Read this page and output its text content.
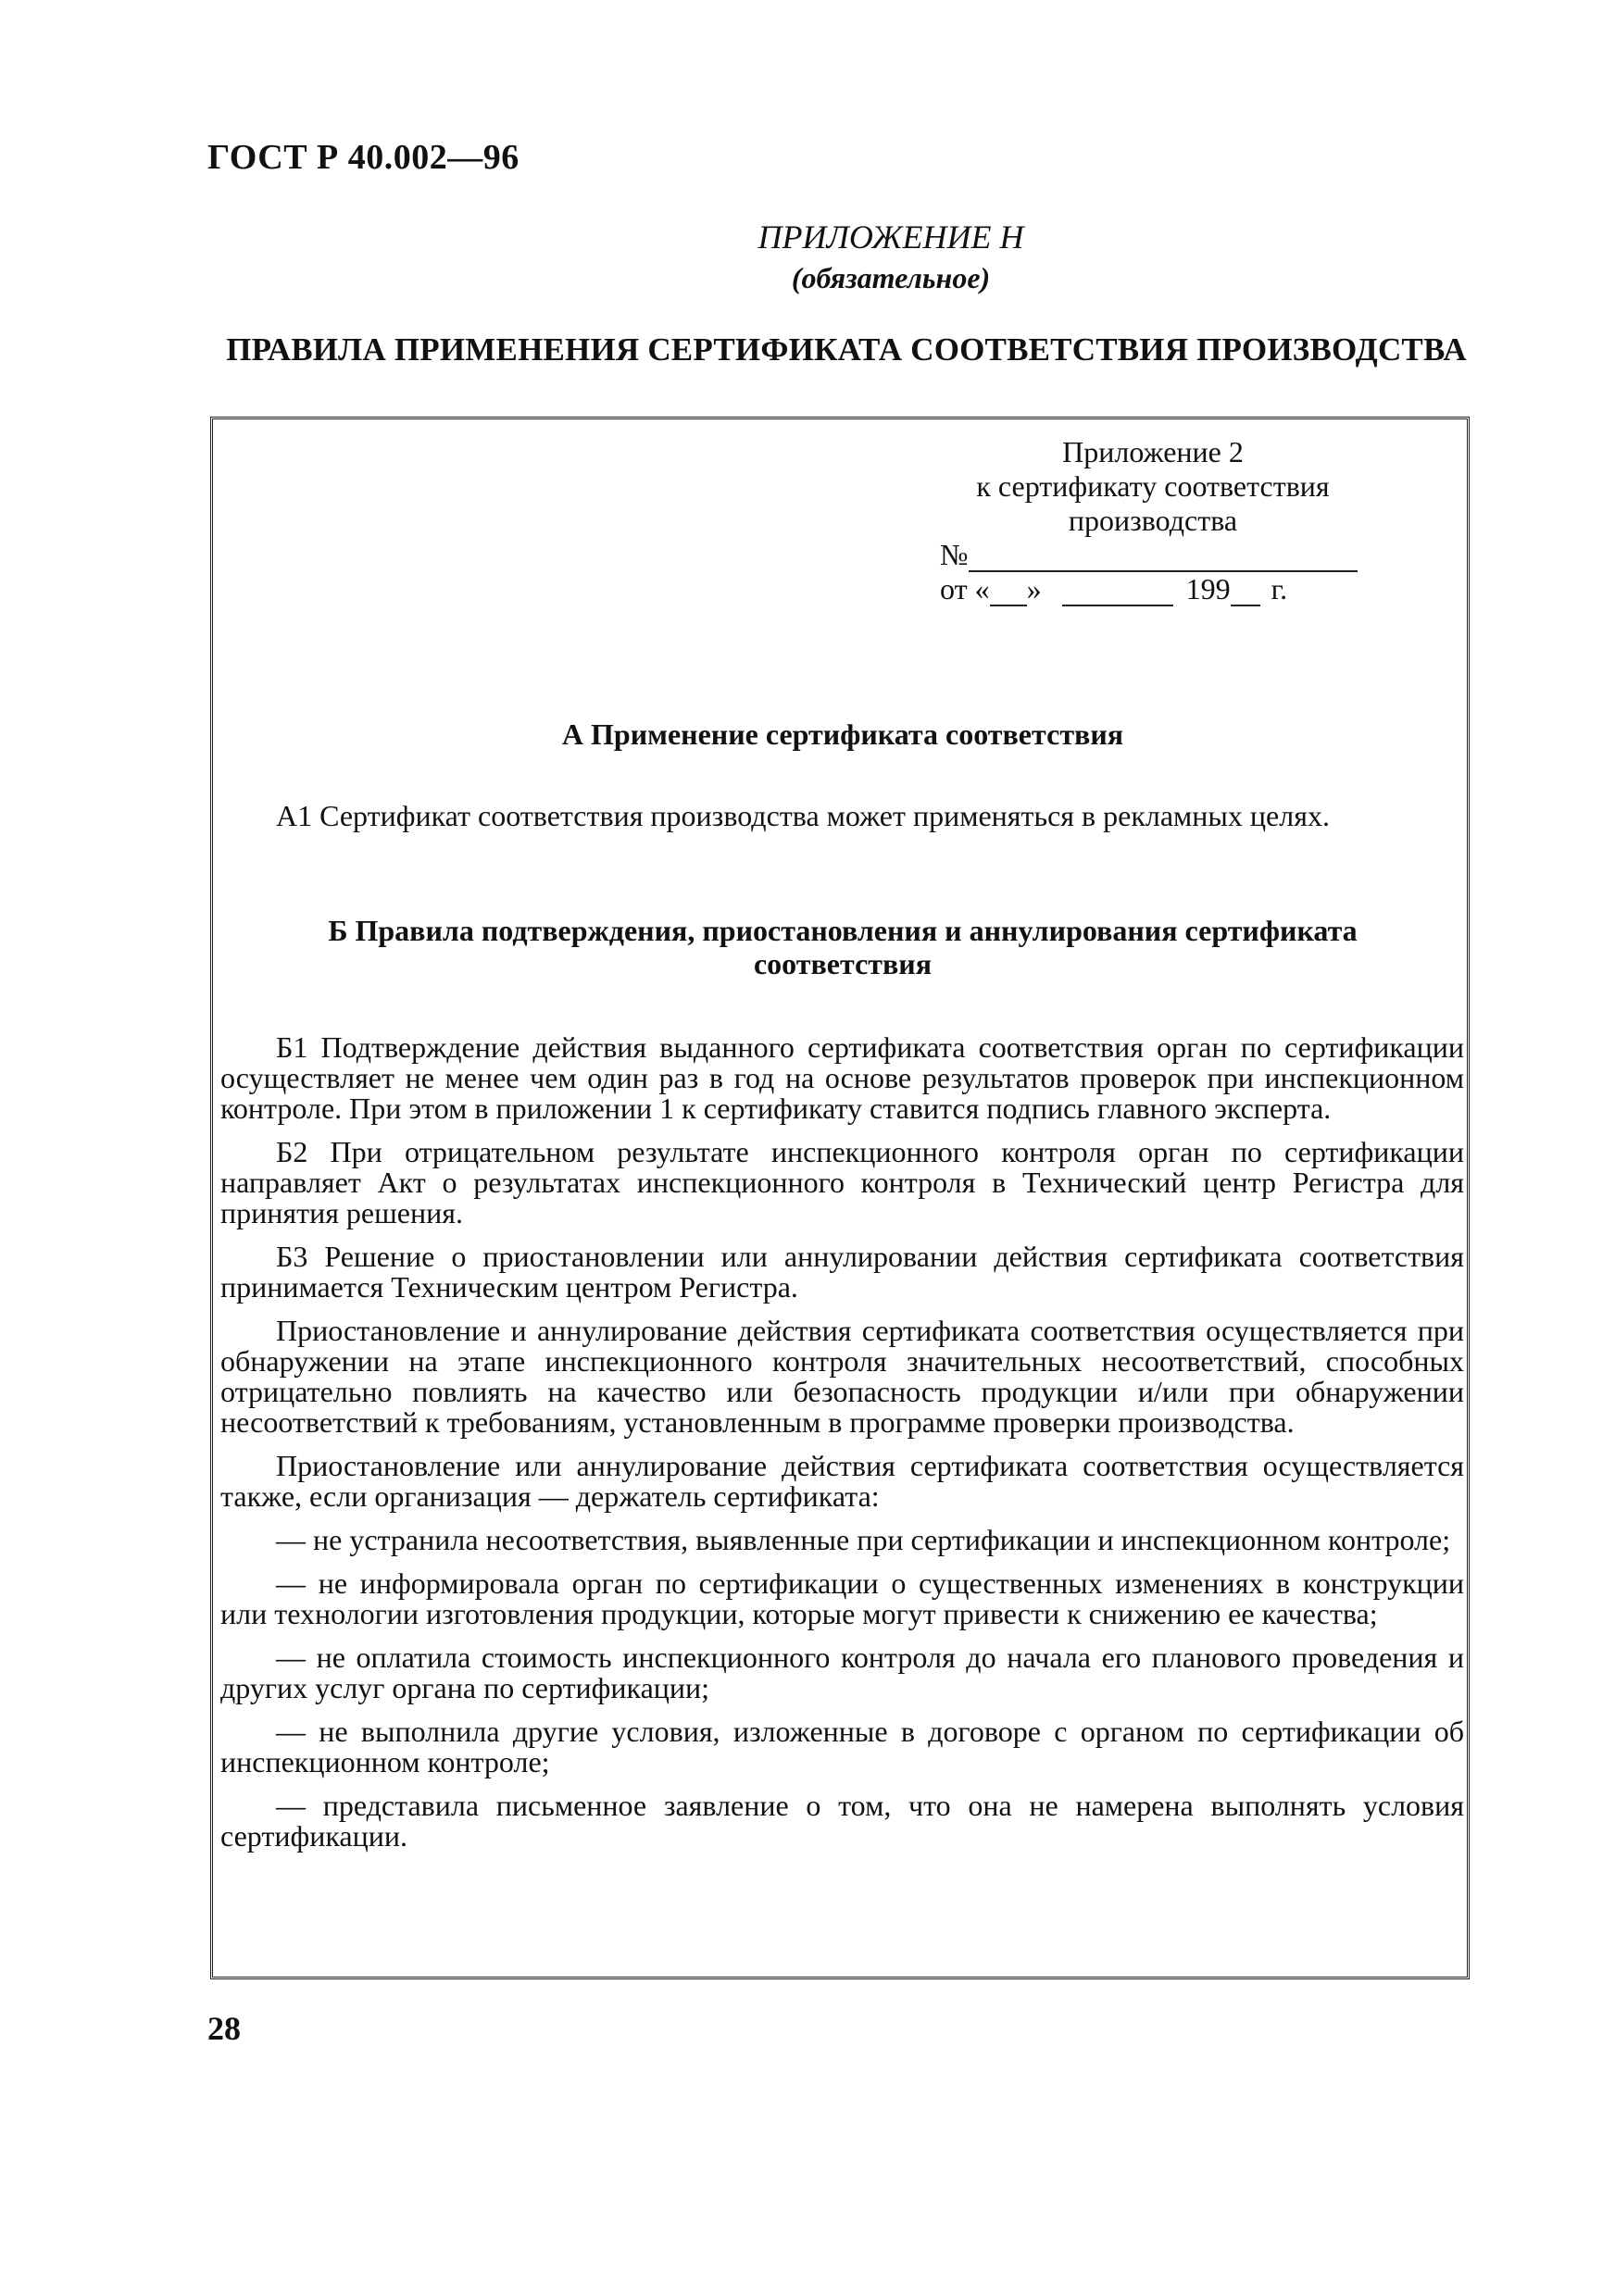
ГОСТ Р 40.002—96
ПРИЛОЖЕНИЕ Н
(обязательное)
ПРАВИЛА ПРИМЕНЕНИЯ СЕРТИФИКАТА СООТВЕТСТВИЯ ПРОИЗВОДСТВА
Приложение 2
к сертификату соответствия
производства
№
от « »	199 г.
А Применение сертификата соответствия

А1 Сертификат соответствия производства может применяться в рекламных целях.

Б Правила подтверждения, приостановления и аннулирования сертификата
соответствия

Б1 Подтверждение действия выданного сертификата соответствия орган по сертификации осуществляет не менее чем один раз в год на основе результатов проверок при инспекционном контроле. При этом в приложении 1 к сертификату ставится подпись главного эксперта.

Б2 При отрицательном результате инспекционного контроля орган по сертификации направляет Акт о результатах инспекционного контроля в Технический центр Регистра для принятия решения.

Б3 Решение о приостановлении или аннулировании действия сертификата соответствия принимается Техническим центром Регистра.

Приостановление и аннулирование действия сертификата соответствия осуществляется при обнаружении на этапе инспекционного контроля значительных несоответствий, способных отрицательно повлиять на качество или безопасность продукции и/или при обнаружении несоответствий к требованиям, установленным в программе проверки производства.

Приостановление или аннулирование действия сертификата соответствия осуществляется также, если организация — держатель сертификата:

— не устранила несоответствия, выявленные при сертификации и инспекционном контроле;

— не информировала орган по сертификации о существенных изменениях в конструкции или технологии изготовления продукции, которые могут привести к снижению ее качества;

— не оплатила стоимость инспекционного контроля до начала его планового проведения и других услуг органа по сертификации;

— не выполнила другие условия, изложенные в договоре с органом по сертификации об инспекционном контроле;

— представила письменное заявление о том, что она не намерена выполнять условия сертификации.

28
